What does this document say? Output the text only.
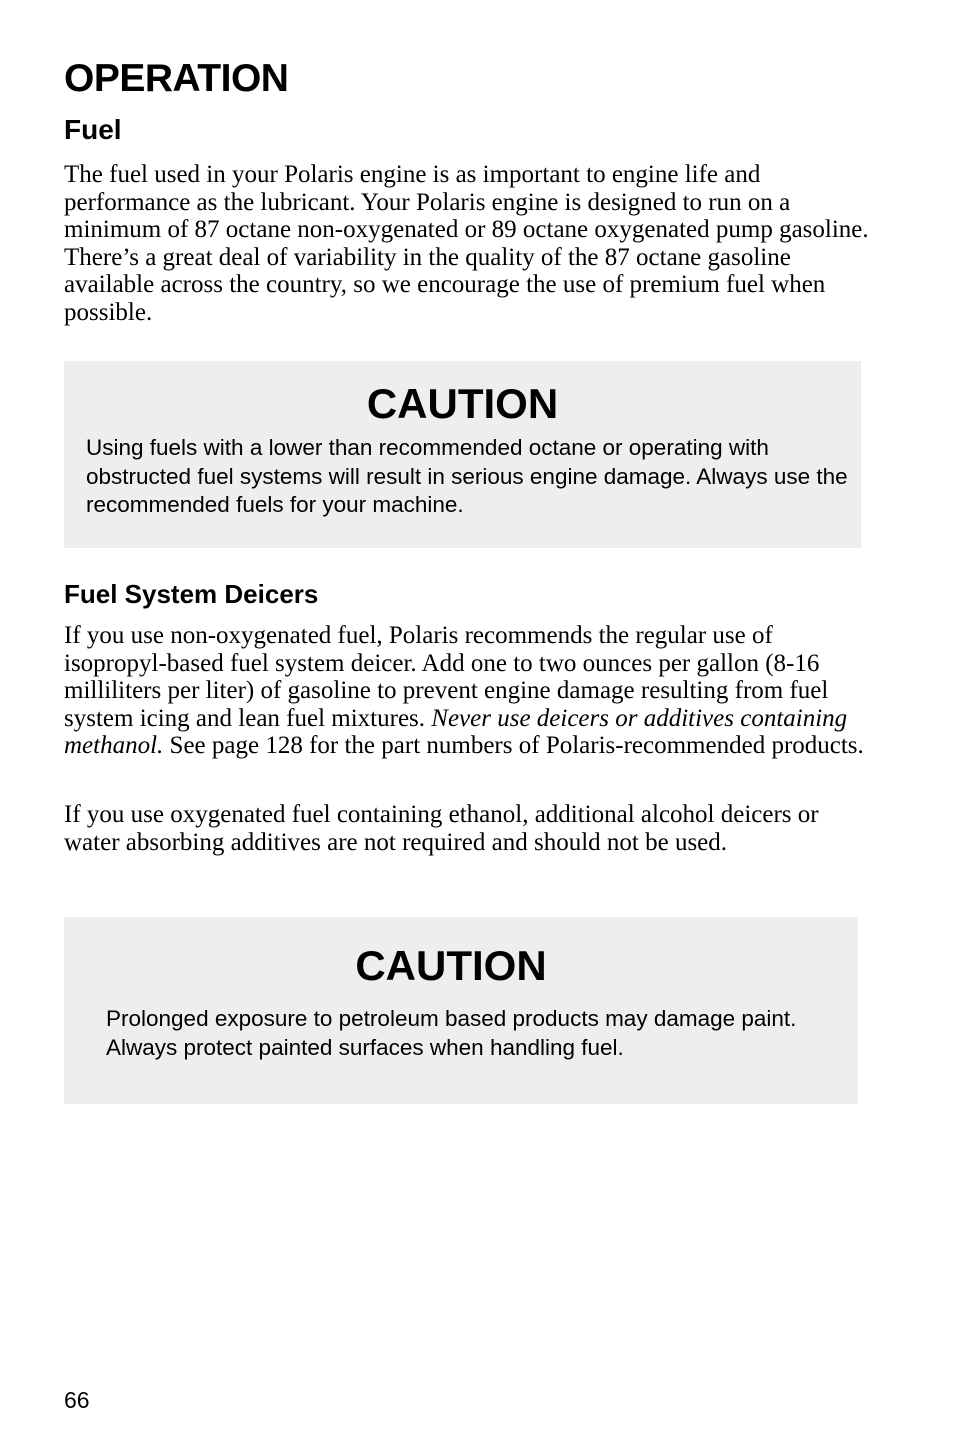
OPERATION
Fuel

The fuel used in your Polaris engine is as important to engine life and performance as the lubricant. Your Polaris engine is designed to run on a minimum of 87 octane non-oxygenated or 89 octane oxygenated pump gasoline. There’s a great deal of variability in the quality of the 87 octane gasoline available across the country, so we encourage the use of premium fuel when possible.

CAUTION

Using fuels with a lower than recommended octane or operating with obstructed fuel systems will result in serious engine damage. Always use the recommended fuels for your machine.

Fuel System Deicers

If you use non-oxygenated fuel, Polaris recommends the regular use of isopropyl-based fuel system deicer. Add one to two ounces per gallon (8-16 milliliters per liter) of gasoline to prevent engine damage resulting from fuel system icing and lean fuel mixtures. Never use deicers or additives containing methanol. See page 128 for the part numbers of Polaris-recommended products.

If you use oxygenated fuel containing ethanol, additional alcohol deicers or water absorbing additives are not required and should not be used.

CAUTION

Prolonged exposure to petroleum based products may damage paint. Always protect painted surfaces when handling fuel.

66
